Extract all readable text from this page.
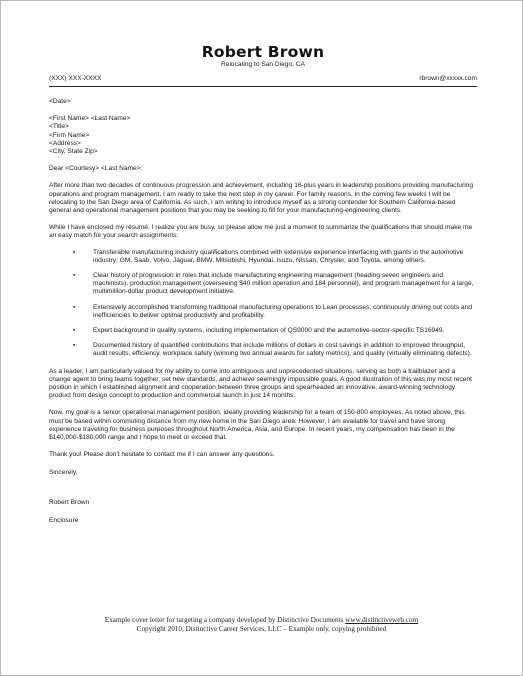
Robert Brown
Relocating to San Diego, CA
(XXX) XXX-XXXX	rbrown@xxxxx.com

<Date>

<First Name> <Last Name>
<Title>
<Firm Name>
<Address>
<City, State Zip>

Dear <Courtesy> <Last Name>:

After more than two decades of continuous progression and achievement, including 16-plus years in leadership positions providing manufacturing operations and program management, I am ready to take the next step in my career. For family reasons, in the coming few weeks I will be relocating to the San Diego area of California. As such, I am writing to introduce myself as a strong contender for Southern California-based general and operational management positions that you may be seeking to fill for your manufacturing-engineering clients.

While I have enclosed my résumé, I realize you are busy, so please allow me just a moment to summarize the qualifications that should make me an easy match for your search assignments:

▪	Transferable manufacturing industry qualifications combined with extensive experience interfacing with giants in the automotive industry: GM, Saab, Volvo, Jaguar, BMW, Mitsubishi, Hyundai, Isuzu, Nissan, Chrysler, and Toyota, among others.
▪	Clear history of progression in roles that include manufacturing engineering management (heading seven engineers and machinists), production management (overseeing $40 million operation and 184 personnel), and program management for a large, multimillion-dollar product development initiative.
▪	Extensively accomplished transforming traditional manufacturing operations to Lean processes, continuously driving out costs and inefficiencies to deliver optimal productivity and profitability.
▪	Expert background in quality systems, including implementation of QS9000 and the automotive-sector-specific TS16949.
▪	Documented history of quantified contributions that include millions of dollars in cost savings in addition to improved throughput, audit results, efficiency, workplace safety (winning two annual awards for safety metrics), and quality (virtually eliminating defects).

As a leader, I am particularly valued for my ability to come into ambiguous and unprecedented situations, serving as both a trailblazer and a change agent to bring teams together, set new standards, and achieve seemingly impossible goals. A good illustration of this was my most recent position in which I established alignment and cooperation between three groups and spearheaded an innovative, award-winning technology product from design concept to production and commercial launch in just 14 months.

Now, my goal is a senior operational management position, ideally providing leadership for a team of 150-800 employees. As noted above, this must be based within commuting distance from my new home in the San Diego area. However, I am available for travel and have strong experience traveling for business purposes throughout North America, Asia, and Europe. In recent years, my compensation has been in the $140,000-$180,000 range and I hope to meet or exceed that.

Thank you! Please don't hesitate to contact me if I can answer any questions.

Sincerely,

Robert Brown

Enclosure

Example cover letter for targeting a company developed by Distinctive Documents www.distinctiveweb.com
Copyright 2010, Distinctive Career Services, LLC – Example only, copying prohibited
